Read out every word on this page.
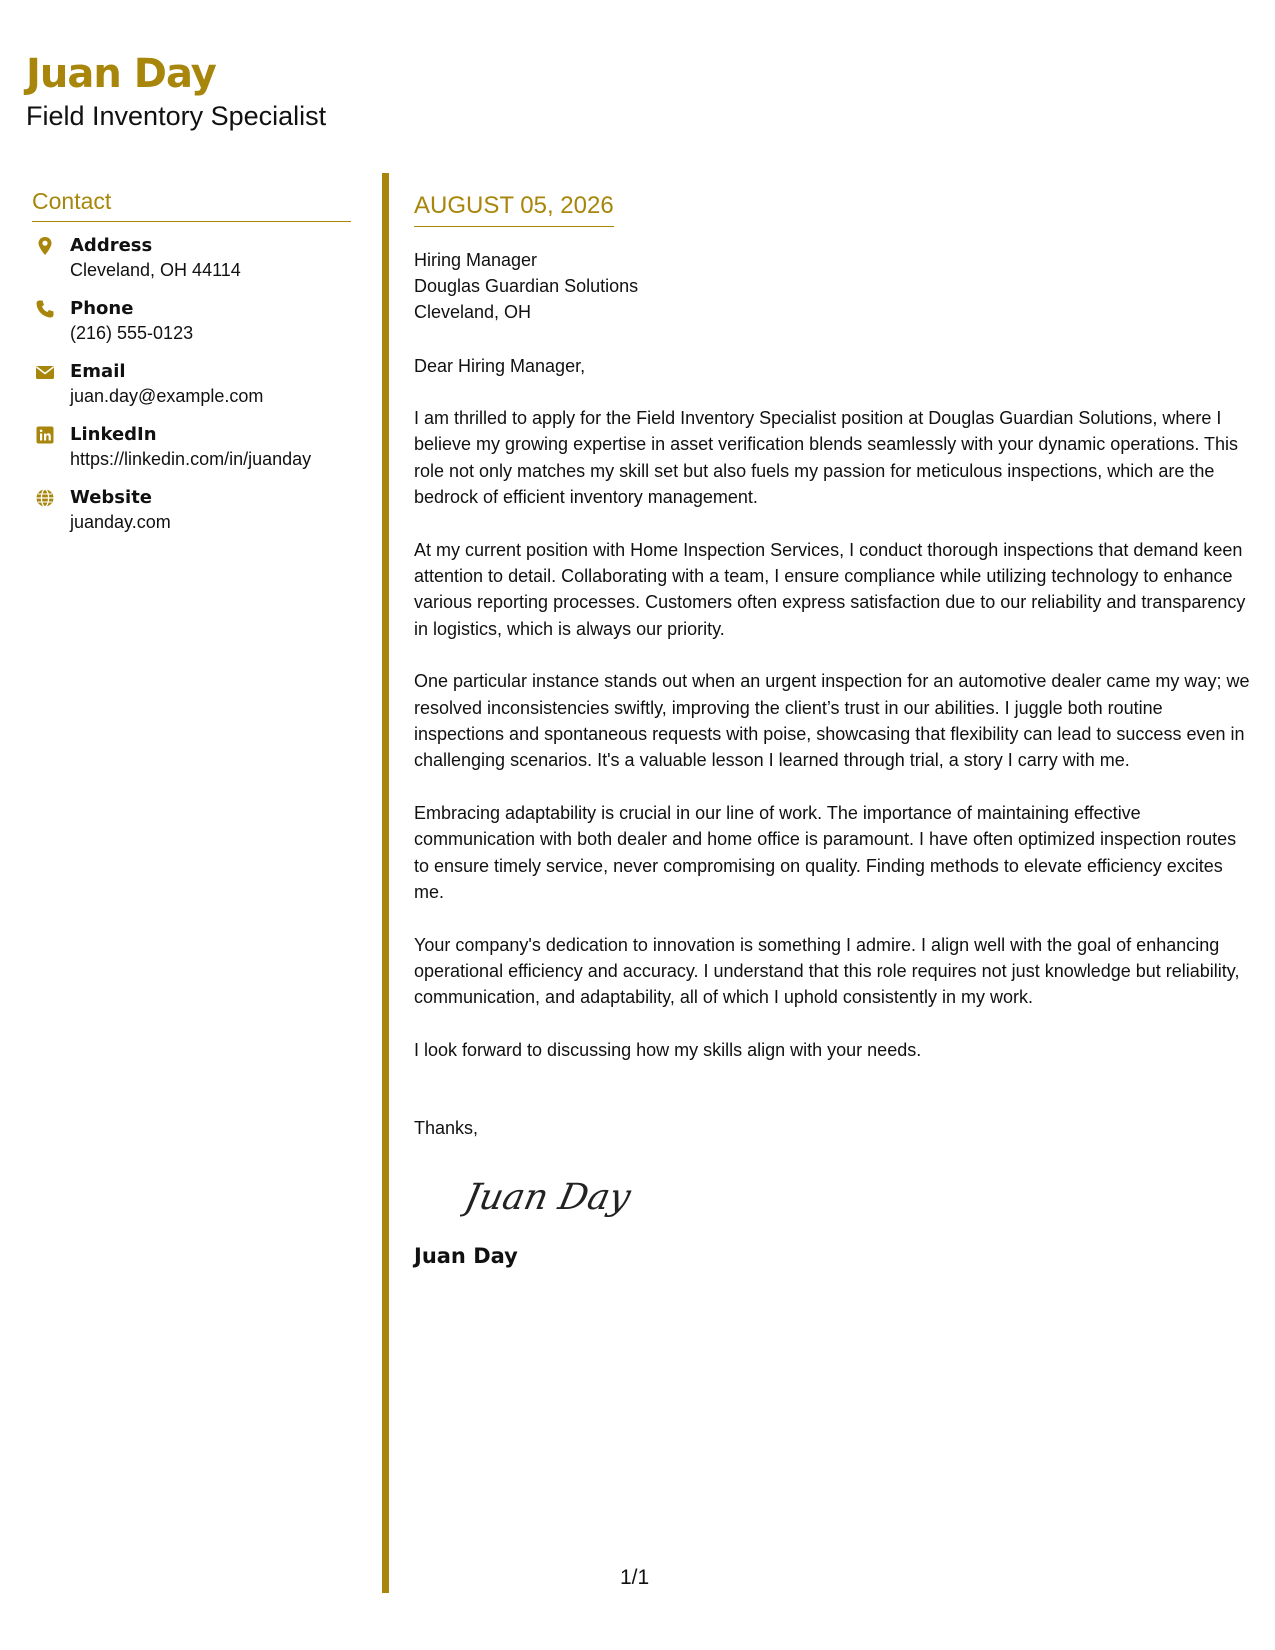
Juan Day
Field Inventory Specialist
Contact
Address
Cleveland, OH 44114
Phone
(216) 555-0123
Email
juan.day@example.com
LinkedIn
https://linkedin.com/in/juanday
Website
juanday.com
AUGUST 05, 2026
Hiring Manager
Douglas Guardian Solutions
Cleveland, OH
Dear Hiring Manager,
I am thrilled to apply for the Field Inventory Specialist position at Douglas Guardian Solutions, where I believe my growing expertise in asset verification blends seamlessly with your dynamic operations. This role not only matches my skill set but also fuels my passion for meticulous inspections, which are the bedrock of efficient inventory management.
At my current position with Home Inspection Services, I conduct thorough inspections that demand keen attention to detail. Collaborating with a team, I ensure compliance while utilizing technology to enhance various reporting processes. Customers often express satisfaction due to our reliability and transparency in logistics, which is always our priority.
One particular instance stands out when an urgent inspection for an automotive dealer came my way; we resolved inconsistencies swiftly, improving the client’s trust in our abilities. I juggle both routine inspections and spontaneous requests with poise, showcasing that flexibility can lead to success even in challenging scenarios. It's a valuable lesson I learned through trial, a story I carry with me.
Embracing adaptability is crucial in our line of work. The importance of maintaining effective communication with both dealer and home office is paramount. I have often optimized inspection routes to ensure timely service, never compromising on quality. Finding methods to elevate efficiency excites me.
Your company's dedication to innovation is something I admire. I align well with the goal of enhancing operational efficiency and accuracy. I understand that this role requires not just knowledge but reliability, communication, and adaptability, all of which I uphold consistently in my work.
I look forward to discussing how my skills align with your needs.
Thanks,
Juan Day
Juan Day
1/1
